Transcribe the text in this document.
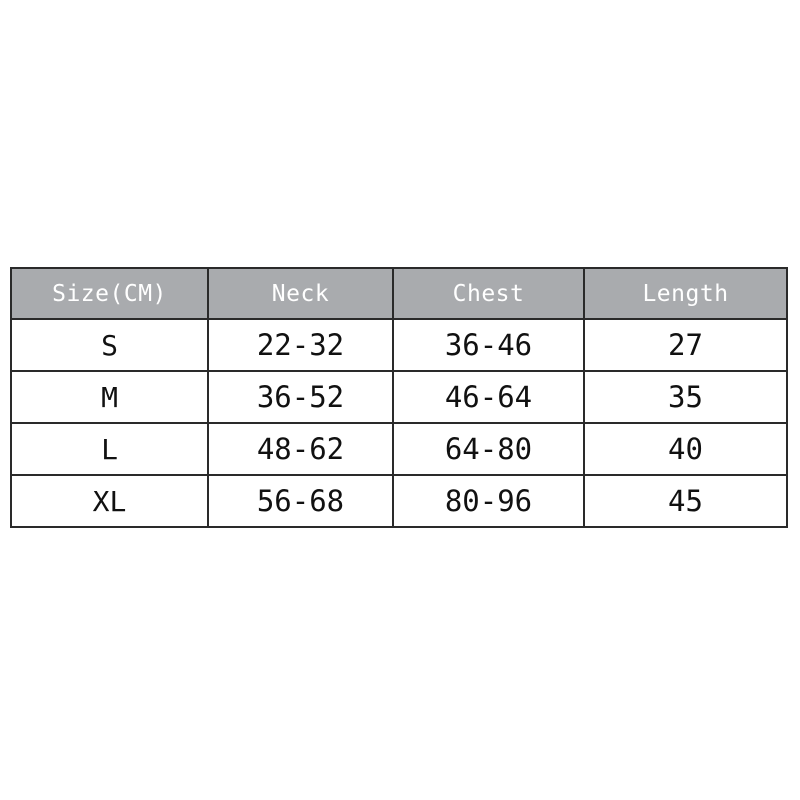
Size(CM)	Neck	Chest	Length
S	22-32	36-46	27
M	36-52	46-64	35
L	48-62	64-80	40
XL	56-68	80-96	45
